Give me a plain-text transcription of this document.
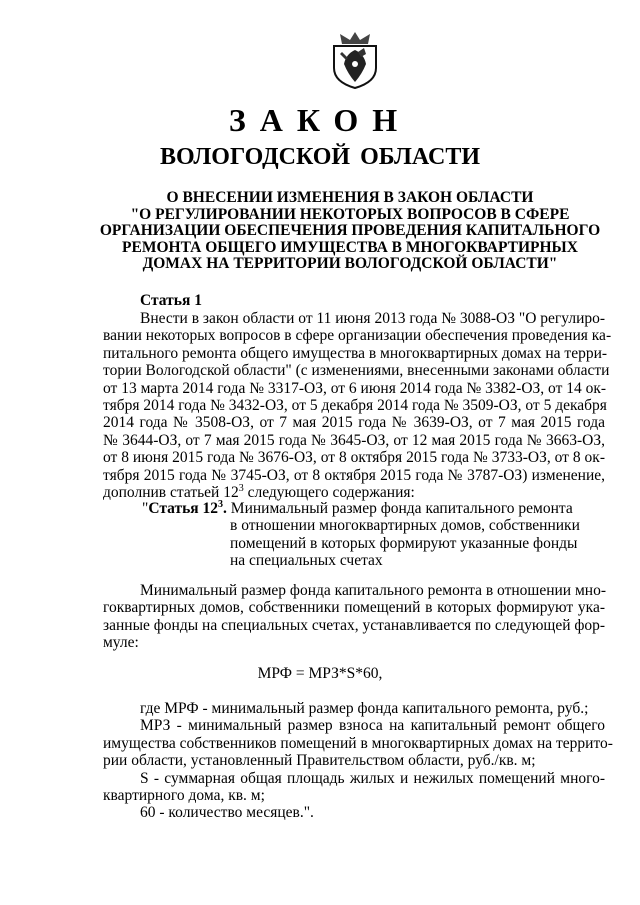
ЗАКОН
ВОЛОГОДСКОЙ ОБЛАСТИ
О ВНЕСЕНИИ ИЗМЕНЕНИЯ В ЗАКОН ОБЛАСТИ
"О РЕГУЛИРОВАНИИ НЕКОТОРЫХ ВОПРОСОВ В СФЕРЕ
ОРГАНИЗАЦИИ ОБЕСПЕЧЕНИЯ ПРОВЕДЕНИЯ КАПИТАЛЬНОГО
РЕМОНТА ОБЩЕГО ИМУЩЕСТВА В МНОГОКВАРТИРНЫХ
ДОМАХ НА ТЕРРИТОРИИ ВОЛОГОДСКОЙ ОБЛАСТИ"
Статья 1
Внести в закон области от 11 июня 2013 года № 3088-ОЗ "О регулиро-
вании некоторых вопросов в сфере организации обеспечения проведения ка-
питального ремонта общего имущества в многоквартирных домах на терри-
тории Вологодской области" (с изменениями, внесенными законами области
от 13 марта 2014 года № 3317-ОЗ, от 6 июня 2014 года № 3382-ОЗ, от 14 ок-
тября 2014 года № 3432-ОЗ, от 5 декабря 2014 года № 3509-ОЗ, от 5 декабря
2014 года № 3508-ОЗ, от 7 мая 2015 года № 3639-ОЗ, от 7 мая 2015 года
№ 3644-ОЗ, от 7 мая 2015 года № 3645-ОЗ, от 12 мая 2015 года № 3663-ОЗ,
от 8 июня 2015 года № 3676-ОЗ, от 8 октября 2015 года № 3733-ОЗ, от 8 ок-
тября 2015 года № 3745-ОЗ, от 8 октября 2015 года № 3787-ОЗ) изменение,
дополнив статьей $12^3$ следующего содержания:
"Статья $12^3$. Минимальный размер фонда капитального ремонта
в отношении многоквартирных домов, собственники
помещений в которых формируют указанные фонды
на специальных счетах
Минимальный размер фонда капитального ремонта в отношении мно-
гоквартирных домов, собственники помещений в которых формируют ука-
занные фонды на специальных счетах, устанавливается по следующей фор-
муле:
МРФ = МРЗ*S*60,
где МРФ - минимальный размер фонда капитального ремонта, руб.;
МРЗ - минимальный размер взноса на капитальный ремонт общего
имущества собственников помещений в многоквартирных домах на террито-
рии области, установленный Правительством области, руб./кв. м;
S - суммарная общая площадь жилых и нежилых помещений много-
квартирного дома, кв. м;
60 - количество месяцев.".
